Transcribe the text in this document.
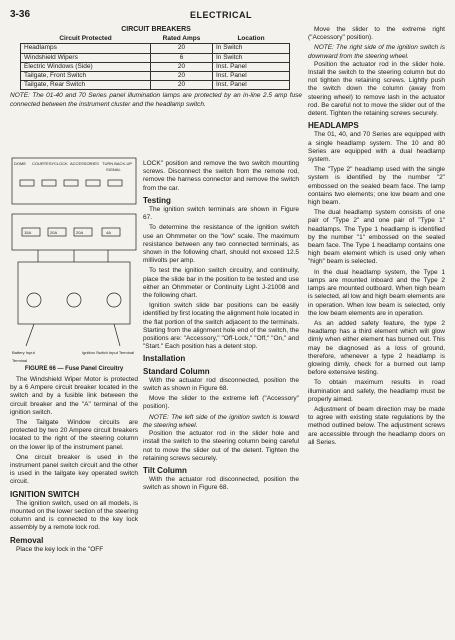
3-36	ELECTRICAL
CIRCUIT BREAKERS
Circuit Protected	Rated Amps	Location
Headlamps	20	In Switch
Windshield Wipers	6	In Switch
Electric Windows (Side)	20	Inst. Panel
Tailgate, Front Switch	20	Inst. Panel
Tailgate, Rear Switch	20	Inst. Panel
NOTE: The 01-40 and 70 Series panel illumination lamps are protected by an in-line 2.5 amp fuse connected between the instrument cluster and the headlamp switch.
DOME COURTESY CLOCK ACCESSORIES TURN BACK-UP
SIGNAL
15A	20A	20A	4A
Battery Input	Ignition Switch Input Terminal
Terminal
FIGURE 66 — Fuse Panel Circuitry

The Windshield Wiper Motor is protected by a 6 Ampere circuit breaker located in the switch and by a fusible link between the circuit breaker and the "A" terminal of the ignition switch.

The Tailgate Window circuits are protected by two 20 Ampere circuit breakers located to the right of the steering column on the lower lip of the instrument panel.

One circuit breaker is used in the instrument panel switch circuit and the other is used in the tailgate key operated switch circuit.

IGNITION SWITCH

The ignition switch, used on all models, is mounted on the lower section of the steering column and is connected to the key lock assembly by a remote lock rod.

Removal

Place the key lock in the "OFF

LOCK" position and remove the two switch mounting screws. Disconnect the switch from the remote rod, remove the harness connector and remove the switch from the car.

Testing

The ignition switch terminals are shown in Figure 67.

To determine the resistance of the ignition switch use an Ohmmeter on the "low" scale. The maximum resistance between any two connected terminals, as shown in the following chart, should not exceed 12.5 millivolts per amp.

To test the ignition switch circuitry, and continuity, place the slide bar in the position to be tested and use either an Ohmmeter or Continuity Light J-21008 and the following chart.

Ignition switch slide bar positions can be easily identified by first locating the alignment hole located in the flat portion of the switch adjacent to the terminals. Starting from the alignment hole end of the switch, the positions are: "Accessory," "Off-Lock," "Off," "On," and "Start." Each position has a detent stop.

Installation
Standard Column

With the actuator rod disconnected, position the switch as shown in Figure 68.

Move the slider to the extreme left ("Accessory" position).

NOTE: The left side of the ignition switch is toward the steering wheel.

Position the actuator rod in the slider hole and install the switch to the steering column being careful not to move the slider out of the detent. Tighten the retaining screws securely.

Tilt Column

With the actuator rod disconnected, position the switch as shown in Figure 68.

Move the slider to the extreme right ("Accessory" position).

NOTE: The right side of the ignition switch is downward from the steering wheel.

Position the actuator rod in the slider hole. Install the switch to the steering column but do not tighten the retaining screws. Lightly push the switch down the column (away from steering wheel) to remove lash in the actuator rod. Be careful not to move the slider out of the detent. Tighten the retaining screws securely.

HEADLAMPS

The 01, 40, and 70 Series are equipped with a single headlamp system. The 10 and 80 Series are equipped with a dual headlamp system.

The "Type 2" headlamp used with the single system is identified by the number "2" embossed on the sealed beam face. The lamp contains two elements; one low beam and one high beam.

The dual headlamp system consists of one pair of "Type 2" and one pair of "Type 1" headlamps. The Type 1 headlamp is identified by the number "1" embossed on the sealed beam face. The Type 1 headlamp contains one high beam element which is used only when "high" beam is selected.

In the dual headlamp system, the Type 1 lamps are mounted inboard and the Type 2 lamps are mounted outboard. When high beam is selected, all low and high beam elements are in operation. When low beam is selected, only the low beam elements are in operation.

As an added safety feature, the type 2 headlamp has a third element which will glow dimly when either element has burned out. This may be diagnosed as a loss of ground, therefore, whenever a type 2 headlamp is glowing dimly, check for a burned out lamp before extensive testing.

To obtain maximum results in road illumination and safety, the headlamp must be properly aimed.

Adjustment of beam direction may be made to agree with existing state regulations by the method outlined below. The adjustment screws are accessible through the headlamp doors on all Series.
